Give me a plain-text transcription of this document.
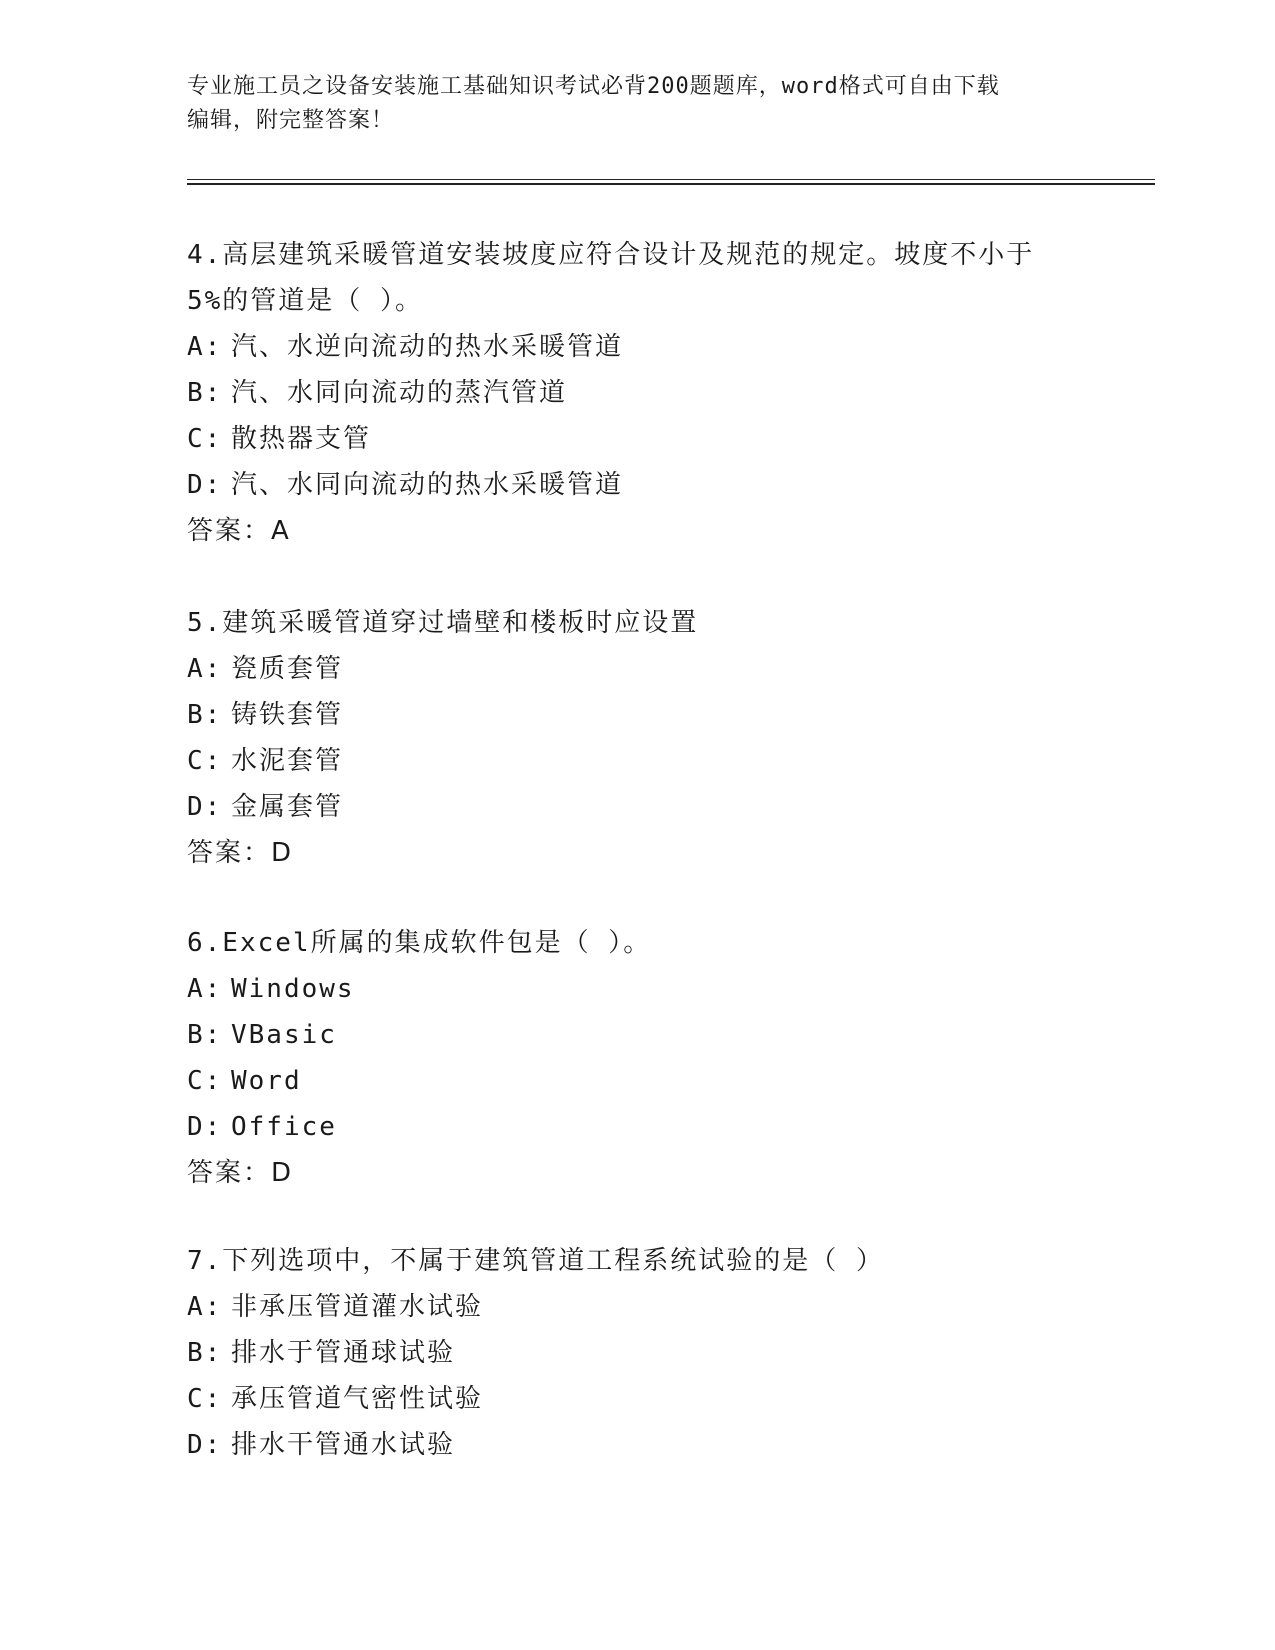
专业施工员之设备安装施工基础知识考试必背200题题库，word格式可自由下载
编辑，附完整答案！
4.高层建筑采暖管道安装坡度应符合设计及规范的规定。坡度不小于
5%的管道是（ ）。
A: 汽、水逆向流动的热水采暖管道
B: 汽、水同向流动的蒸汽管道
C: 散热器支管
D: 汽、水同向流动的热水采暖管道
答案：A
5.建筑采暖管道穿过墙壁和楼板时应设置
A: 瓷质套管
B: 铸铁套管
C: 水泥套管
D: 金属套管
答案：D
6.Excel所属的集成软件包是（ ）。
A: Windows
B: VBasic
C: Word
D: Office
答案：D
7.下列选项中，不属于建筑管道工程系统试验的是（ ）
A: 非承压管道灌水试验
B: 排水于管通球试验
C: 承压管道气密性试验
D: 排水干管通水试验
